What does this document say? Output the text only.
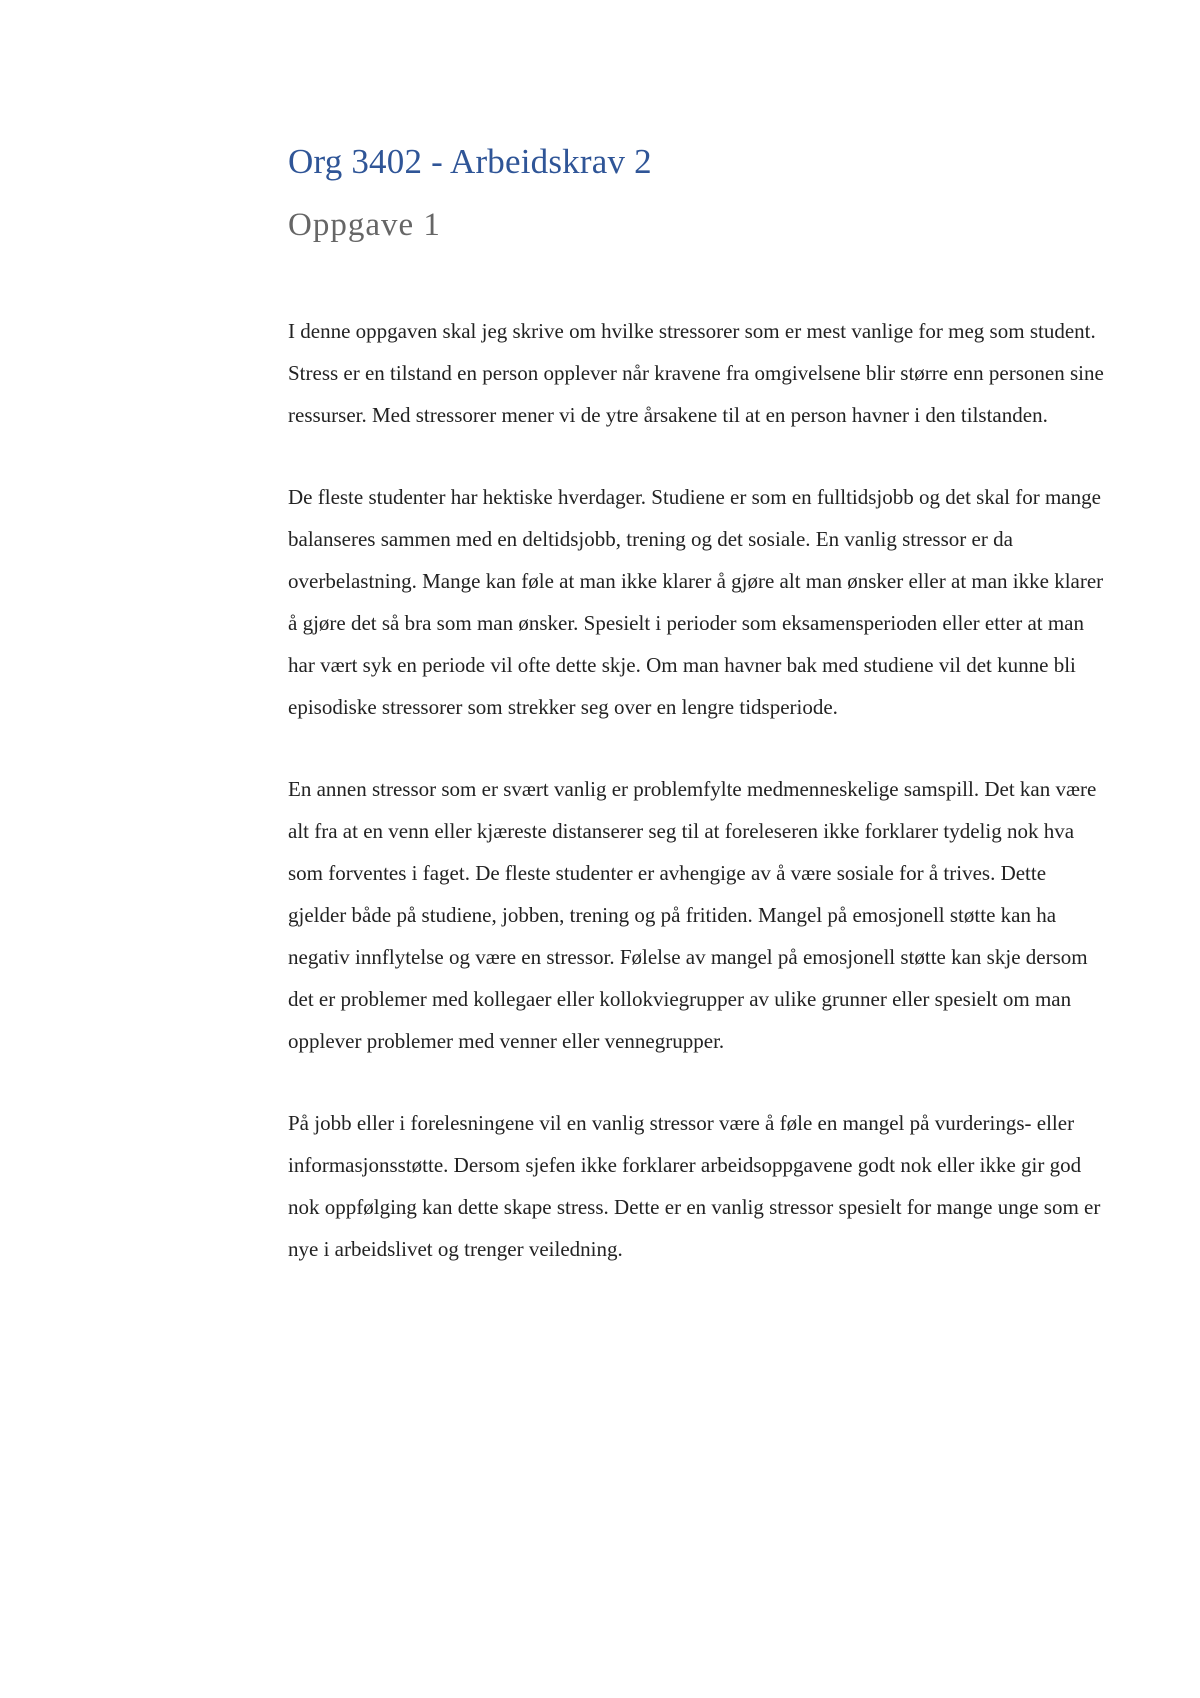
Org 3402 - Arbeidskrav 2
Oppgave 1

I denne oppgaven skal jeg skrive om hvilke stressorer som er mest vanlige for meg som student. Stress er en tilstand en person opplever når kravene fra omgivelsene blir større enn personen sine ressurser. Med stressorer mener vi de ytre årsakene til at en person havner i den tilstanden.

De fleste studenter har hektiske hverdager. Studiene er som en fulltidsjobb og det skal for mange balanseres sammen med en deltidsjobb, trening og det sosiale. En vanlig stressor er da overbelastning. Mange kan føle at man ikke klarer å gjøre alt man ønsker eller at man ikke klarer å gjøre det så bra som man ønsker. Spesielt i perioder som eksamensperioden eller etter at man har vært syk en periode vil ofte dette skje. Om man havner bak med studiene vil det kunne bli episodiske stressorer som strekker seg over en lengre tidsperiode.

En annen stressor som er svært vanlig er problemfylte medmenneskelige samspill. Det kan være alt fra at en venn eller kjæreste distanserer seg til at foreleseren ikke forklarer tydelig nok hva som forventes i faget. De fleste studenter er avhengige av å være sosiale for å trives. Dette gjelder både på studiene, jobben, trening og på fritiden. Mangel på emosjonell støtte kan ha negativ innflytelse og være en stressor. Følelse av mangel på emosjonell støtte kan skje dersom det er problemer med kollegaer eller kollokviegrupper av ulike grunner eller spesielt om man opplever problemer med venner eller vennegrupper.

På jobb eller i forelesningene vil en vanlig stressor være å føle en mangel på vurderings- eller informasjonsstøtte. Dersom sjefen ikke forklarer arbeidsoppgavene godt nok eller ikke gir god nok oppfølging kan dette skape stress. Dette er en vanlig stressor spesielt for mange unge som er nye i arbeidslivet og trenger veiledning.
